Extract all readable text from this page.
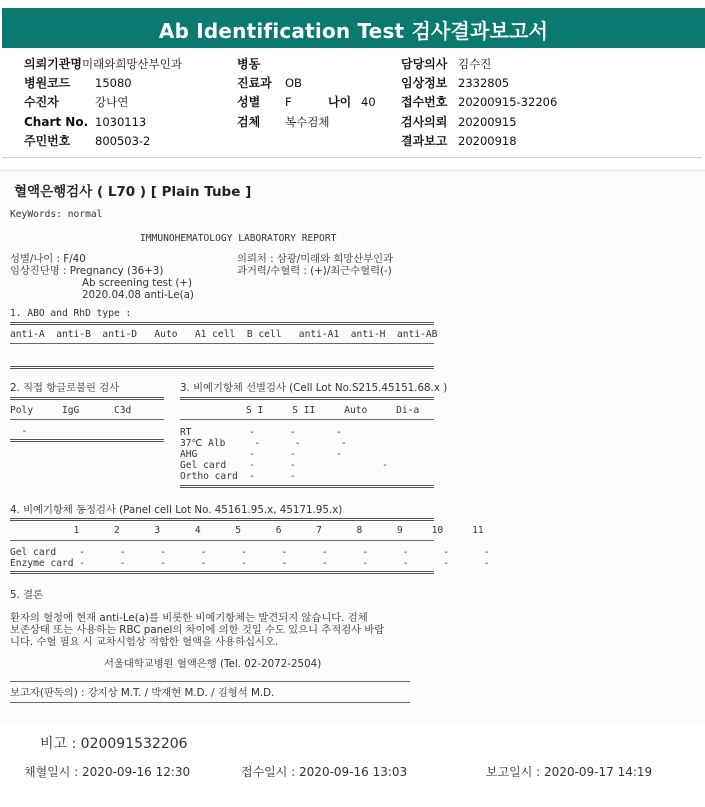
Ab Identification Test 검사결과보고서
의뢰기관명 미래와희망산부인과
병원코드 15080
수진자	강나연
Chart No. 1030113
주민번호 800503-2
병동
진료과 OB
성별 F	나이 40
검체 복수검체
담당의사 김수진
임상정보 2332805
접수번호 20200915-32206
검사의뢰 20200915
결과보고 20200918
혈액은행검사 ( L70 ) [ Plain Tube ]
KeyWords: normal
IMMUNOHEMATOLOGY LABORATORY REPORT
성별/나이 : F/40
임상진단명 : Pregnancy (36+3)
Ab screening test (+)
2020.04.08 anti-Le(a)
의뢰처 : 삼광/미래와 희망산부인과
과거력/수혈력 : (+)/최근수혈력(-)
1. ABO and RhD type :
anti-A  anti-B  anti-D   Auto   A1 cell  B cell   anti-A1  anti-H  anti-AB
2. 직접 항글로불린 검사
Poly     IgG      C3d
-
3. 비예기항체 선별검사 (Cell Lot No.S215.45151.68.x )
S I     S II     Auto     Di-a
RT          -      -       -
37℃ Alb     -      -       -
AHG         -      -       -
Gel card    -      -               -
Ortho card  -      -
4. 비예기항체 동정검사 (Panel cell Lot No. 45161.95.x, 45171.95.x)
1      2      3      4      5      6      7      8      9     10     11
Gel card    -      -      -      -      -      -      -      -      -      -      -
Enzyme card -      -      -      -      -      -      -      -      -      -      -
5. 결론
환자의 혈청에 현재 anti-Le(a)를 비롯한 비예기항체는 발견되지 않습니다. 검체
보존상태 또는 사용하는 RBC panel의 차이에 의한 것일 수도 있으니 추적검사 바랍
니다. 수혈 필요 시 교차시험상 적합한 혈액을 사용하십시오.
서울대학교병원 혈액은행 (Tel. 02-2072-2504)
보고자(판독의) : 강지상 M.T. / 박재현 M.D. / 김형석 M.D.
비고 : 020091532206
채혈일시 : 2020-09-16 12:30	접수일시 : 2020-09-16 13:03	보고일시 : 2020-09-17 14:19
